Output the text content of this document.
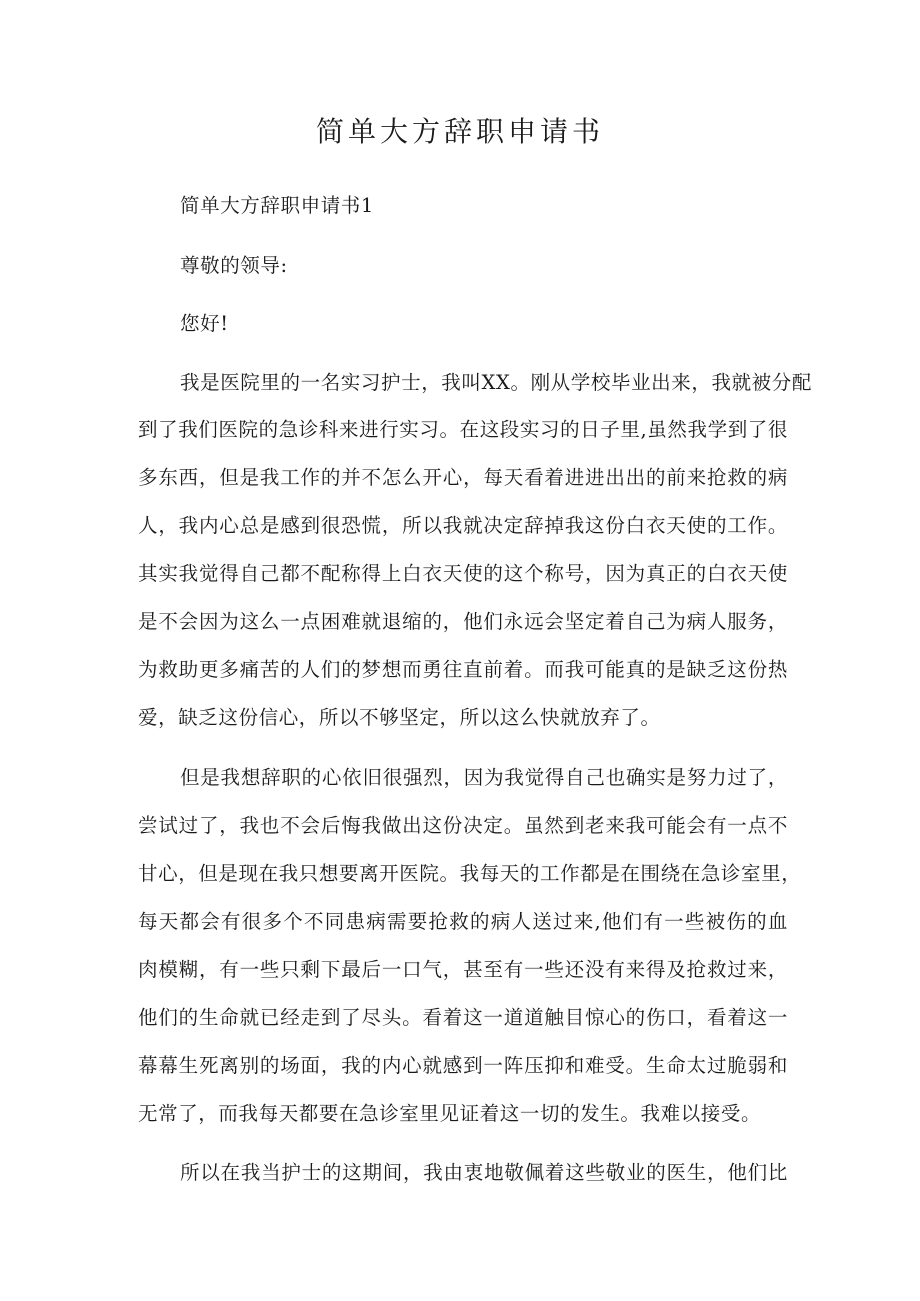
简单大方辞职申请书

简单大方辞职申请书1

尊敬的领导:

您好!

我是医院里的一名实习护士，我叫XX。刚从学校毕业出来，我就被分配

到了我们医院的急诊科来进行实习。在这段实习的日子里,虽然我学到了很

多东西，但是我工作的并不怎么开心，每天看着进进出出的前来抢救的病

人，我内心总是感到很恐慌，所以我就决定辞掉我这份白衣天使的工作。

其实我觉得自己都不配称得上白衣天使的这个称号，因为真正的白衣天使

是不会因为这么一点困难就退缩的，他们永远会坚定着自己为病人服务，

为救助更多痛苦的人们的梦想而勇往直前着。而我可能真的是缺乏这份热

爱，缺乏这份信心，所以不够坚定，所以这么快就放弃了。

但是我想辞职的心依旧很强烈，因为我觉得自己也确实是努力过了，

尝试过了，我也不会后悔我做出这份决定。虽然到老来我可能会有一点不

甘心，但是现在我只想要离开医院。我每天的工作都是在围绕在急诊室里，

每天都会有很多个不同患病需要抢救的病人送过来,他们有一些被伤的血

肉模糊，有一些只剩下最后一口气，甚至有一些还没有来得及抢救过来，

他们的生命就已经走到了尽头。看着这一道道触目惊心的伤口，看着这一

幕幕生死离别的场面，我的内心就感到一阵压抑和难受。生命太过脆弱和

无常了，而我每天都要在急诊室里见证着这一切的发生。我难以接受。

所以在我当护士的这期间，我由衷地敬佩着这些敬业的医生，他们比
